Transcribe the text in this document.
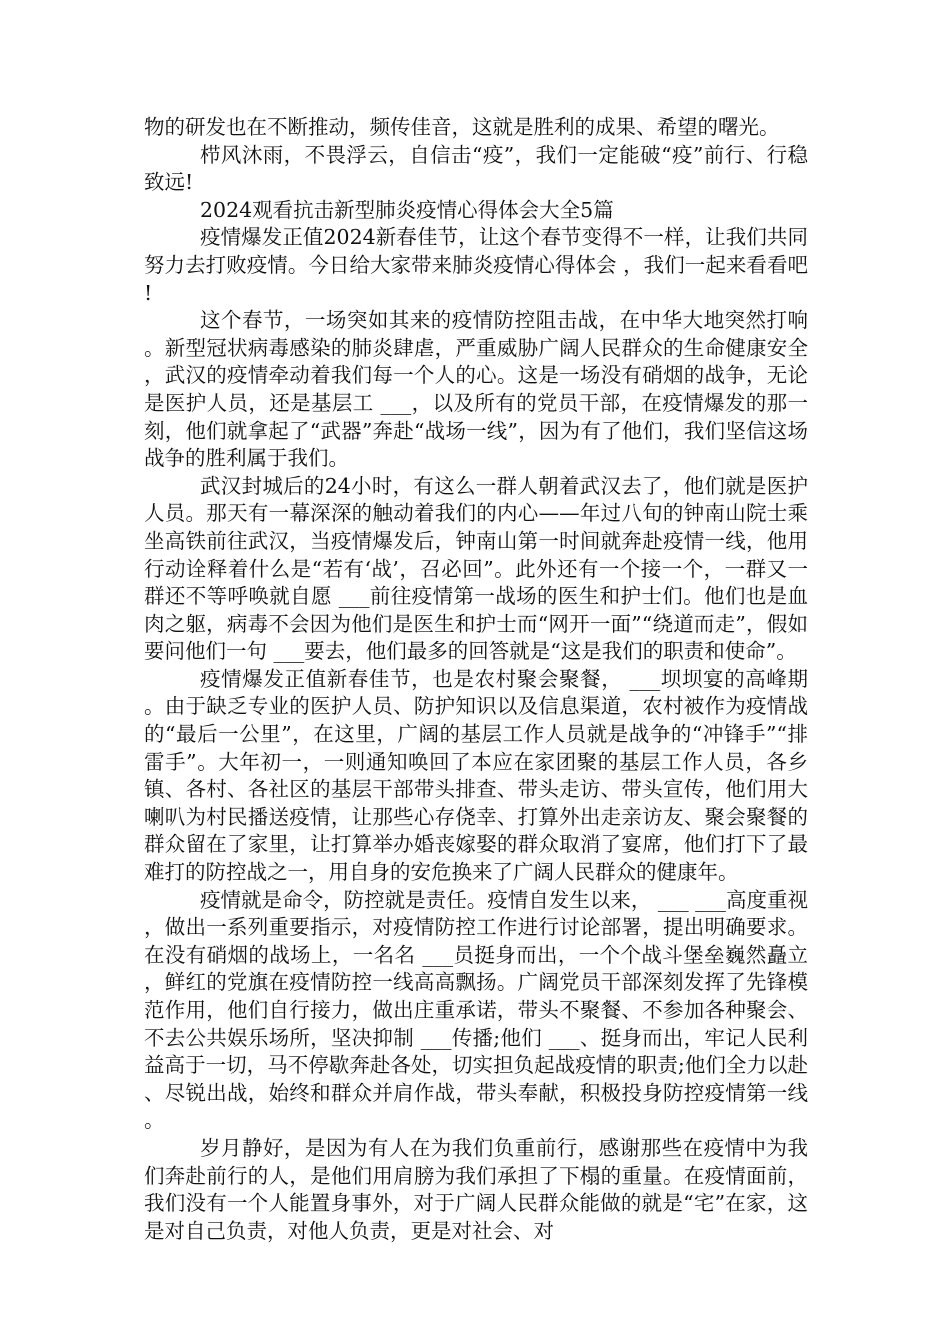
物的研发也在不断推动，频传佳音，这就是胜利的成果、希望的曙光。

栉风沐雨，不畏浮云，自信击“疫”，我们一定能破“疫”前行、行稳致远!

2024观看抗击新型肺炎疫情心得体会大全5篇

疫情爆发正值2024新春佳节，让这个春节变得不一样，让我们共同努力去打败疫情。今日给大家带来肺炎疫情心得体会 ，我们一起来看看吧!

这个春节，一场突如其来的疫情防控阻击战，在中华大地突然打响。新型冠状病毒感染的肺炎肆虐，严重威胁广阔人民群众的生命健康安全，武汉的疫情牵动着我们每一个人的心。这是一场没有硝烟的战争，无论是医护人员，还是基层工 ___，以及所有的党员干部，在疫情爆发的那一刻，他们就拿起了“武器”奔赴“战场一线”，因为有了他们，我们坚信这场战争的胜利属于我们。

武汉封城后的24小时，有这么一群人朝着武汉去了，他们就是医护人员。那天有一幕深深的触动着我们的内心——年过八旬的钟南山院士乘坐高铁前往武汉，当疫情爆发后，钟南山第一时间就奔赴疫情一线，他用行动诠释着什么是“若有‘战’，召必回”。此外还有一个接一个，一群又一群还不等呼唤就自愿 ___前往疫情第一战场的医生和护士们。他们也是血肉之躯，病毒不会因为他们是医生和护士而“网开一面”“绕道而走”，假如要问他们一句 ___要去，他们最多的回答就是“这是我们的职责和使命”。

疫情爆发正值新春佳节，也是农村聚会聚餐， ___坝坝宴的高峰期。由于缺乏专业的医护人员、防护知识以及信息渠道，农村被作为疫情战的“最后一公里”，在这里，广阔的基层工作人员就是战争的“冲锋手”“排雷手”。大年初一，一则通知唤回了本应在家团聚的基层工作人员，各乡镇、各村、各社区的基层干部带头排查、带头走访、带头宣传，他们用大喇叭为村民播送疫情，让那些心存侥幸、打算外出走亲访友、聚会聚餐的群众留在了家里，让打算举办婚丧嫁娶的群众取消了宴席，他们打下了最难打的防控战之一，用自身的安危换来了广阔人民群众的健康年。

疫情就是命令，防控就是责任。疫情自发生以来， ___ ___高度重视，做出一系列重要指示，对疫情防控工作进行讨论部署，提出明确要求。在没有硝烟的战场上，一名名 ___员挺身而出，一个个战斗堡垒巍然矗立，鲜红的党旗在疫情防控一线高高飘扬。广阔党员干部深刻发挥了先锋模范作用，他们自行接力，做出庄重承诺，带头不聚餐、不参加各种聚会、不去公共娱乐场所，坚决抑制 ___传播;他们 ___、挺身而出，牢记人民利益高于一切，马不停歇奔赴各处，切实担负起战疫情的职责;他们全力以赴、尽锐出战，始终和群众并肩作战，带头奉献，积极投身防控疫情第一线。

岁月静好，是因为有人在为我们负重前行，感谢那些在疫情中为我们奔赴前行的人，是他们用肩膀为我们承担了下榻的重量。在疫情面前，我们没有一个人能置身事外，对于广阔人民群众能做的就是“宅”在家，这是对自己负责，对他人负责，更是对社会、对
